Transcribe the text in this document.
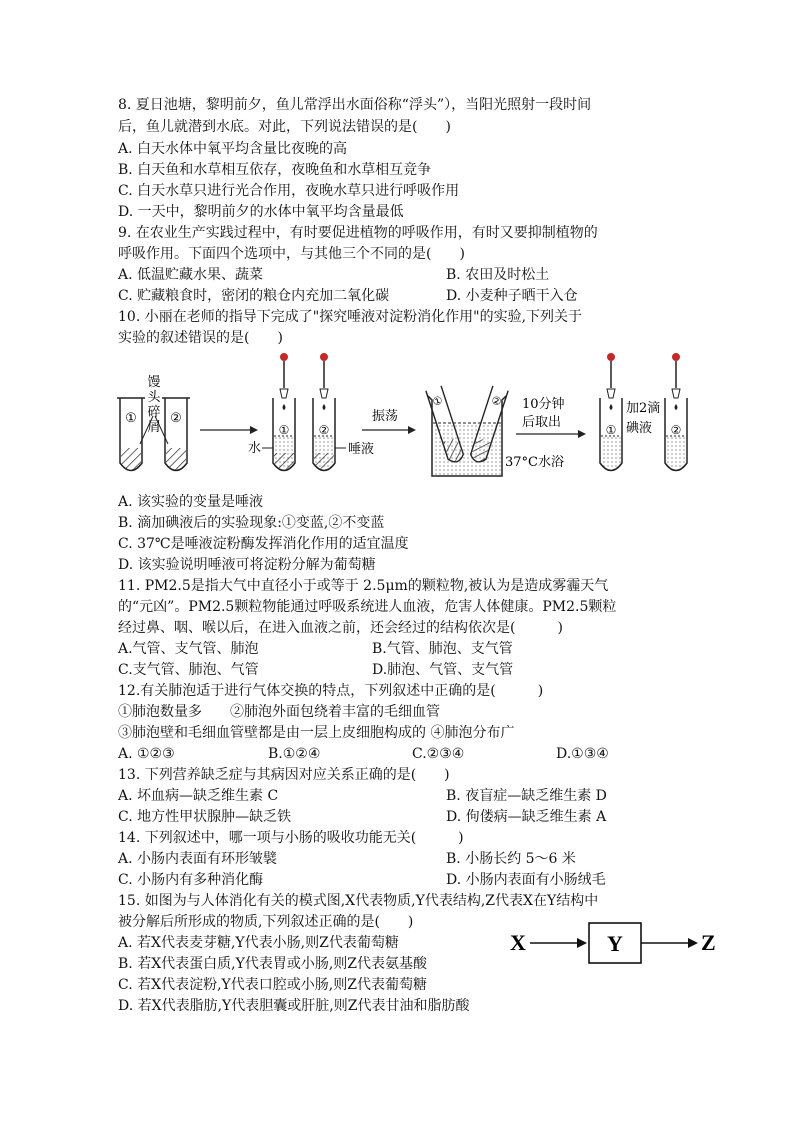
8. 夏日池塘，黎明前夕，鱼儿常浮出水面俗称“浮头”），当阳光照射一段时间
后，鱼儿就潜到水底。对此，下列说法错误的是(　　)
A. 白天水体中氧平均含量比夜晚的高
B. 白天鱼和水草相互依存，夜晚鱼和水草相互竞争
C. 白天水草只进行光合作用，夜晚水草只进行呼吸作用
D. 一天中，黎明前夕的水体中氧平均含量最低
9. 在农业生产实践过程中，有时要促进植物的呼吸作用，有时又要抑制植物的
呼吸作用。下面四个选项中，与其他三个不同的是(　　)
A. 低温贮藏水果、蔬菜	B. 农田及时松土
C. 贮藏粮食时，密闭的粮仓内充加二氧化碳	D. 小麦种子晒干入仓
10. 小丽在老师的指导下完成了"探究唾液对淀粉消化作用"的实验,下列关于
实验的叙述错误的是(　　)
①	②
馒
头
碎
屑	①
水
②
唾液
振荡
①	② 10分钟
后取出
37°C水浴
①
加2滴
碘液 ②
A. 该实验的变量是唾液
B. 滴加碘液后的实验现象:①变蓝,②不变蓝
C. 37℃是唾液淀粉酶发挥消化作用的适宜温度
D. 该实验说明唾液可将淀粉分解为葡萄糖
11. PM2.5是指大气中直径小于或等于 2.5μm的颗粒物,被认为是造成雾霾天气
的“元凶”。PM2.5颗粒物能通过呼吸系统进人血液，危害人体健康。PM2.5颗粒
经过鼻、咽、喉以后，在进入血液之前，还会经过的结构依次是(　　　)
A.气管、支气管、肺泡	B.气管、肺泡、支气管
C.支气管、肺泡、气管	D.肺泡、气管、支气管
12.有关肺泡适于进行气体交换的特点，下列叙述中正确的是(　　　)
①肺泡数量多　　②肺泡外面包绕着丰富的毛细血管
③肺泡壁和毛细血管壁都是由一层上皮细胞构成的 ④肺泡分布广
A. ①②③	B.①②④	C.②③④	D.①③④
13. 下列营养缺乏症与其病因对应关系正确的是(　　)
A. 坏血病—缺乏维生素 C	B. 夜盲症—缺乏维生素 D
C. 地方性甲状腺肿—缺乏铁	D. 佝偻病—缺乏维生素 A
14. 下列叙述中，哪一项与小肠的吸收功能无关(　　　)
A. 小肠内表面有环形皱襞	B. 小肠长约 5～6 米
C. 小肠内有多种消化酶	D. 小肠内表面有小肠绒毛
15. 如图为与人体消化有关的模式图,X代表物质,Y代表结构,Z代表X在Y结构中
被分解后所形成的物质,下列叙述正确的是(　　)
A. 若X代表麦芽糖,Y代表小肠,则Z代表葡萄糖
B. 若X代表蛋白质,Y代表胃或小肠,则Z代表氨基酸
C. 若X代表淀粉,Y代表口腔或小肠,则Z代表葡萄糖
D. 若X代表脂肪,Y代表胆囊或肝脏,则Z代表甘油和脂肪酸
X	Y	Z
